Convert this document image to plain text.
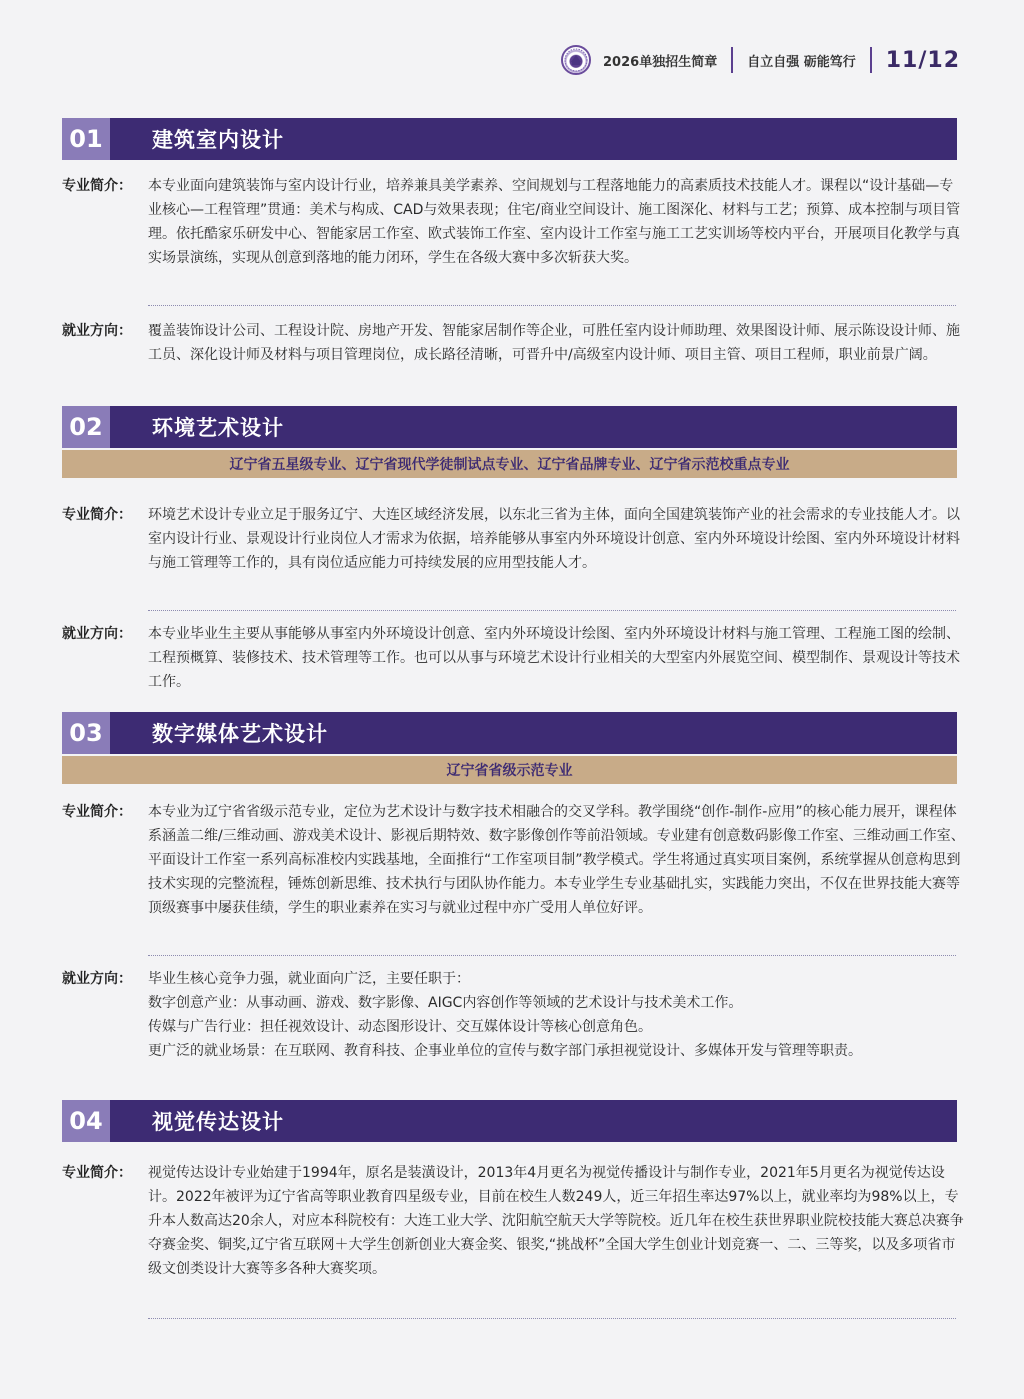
2026单独招生简章 自立自强 砺能笃行 11/12
01	建筑室内设计
专业简介：	本专业面向建筑装饰与室内设计行业，培养兼具美学素养、空间规划与工程落地能力的高素质技术技能人才。课程以“设计基础—专业核心—工程管理”贯通：美术与构成、CAD与效果表现；住宅/商业空间设计、施工图深化、材料与工艺；预算、成本控制与项目管理。依托酷家乐研发中心、智能家居工作室、欧式装饰工作室、室内设计工作室与施工工艺实训场等校内平台，开展项目化教学与真实场景演练，实现从创意到落地的能力闭环，学生在各级大赛中多次斩获大奖。
就业方向：	覆盖装饰设计公司、工程设计院、房地产开发、智能家居制作等企业，可胜任室内设计师助理、效果图设计师、展示陈设设计师、施工员、深化设计师及材料与项目管理岗位，成长路径清晰，可晋升中/高级室内设计师、项目主管、项目工程师，职业前景广阔。
02	环境艺术设计
辽宁省五星级专业、辽宁省现代学徒制试点专业、辽宁省品牌专业、辽宁省示范校重点专业
专业简介：	环境艺术设计专业立足于服务辽宁、大连区域经济发展，以东北三省为主体，面向全国建筑装饰产业的社会需求的专业技能人才。以室内设计行业、景观设计行业岗位人才需求为依据，培养能够从事室内外环境设计创意、室内外环境设计绘图、室内外环境设计材料与施工管理等工作的，具有岗位适应能力可持续发展的应用型技能人才。
就业方向：	本专业毕业生主要从事能够从事室内外环境设计创意、室内外环境设计绘图、室内外环境设计材料与施工管理、工程施工图的绘制、工程预概算、装修技术、技术管理等工作。也可以从事与环境艺术设计行业相关的大型室内外展览空间、模型制作、景观设计等技术工作。
03	数字媒体艺术设计
辽宁省省级示范专业
专业简介：	本专业为辽宁省省级示范专业，定位为艺术设计与数字技术相融合的交叉学科。教学围绕“创作-制作-应用”的核心能力展开，课程体系涵盖二维/三维动画、游戏美术设计、影视后期特效、数字影像创作等前沿领域。专业建有创意数码影像工作室、三维动画工作室、平面设计工作室一系列高标准校内实践基地，全面推行“工作室项目制”教学模式。学生将通过真实项目案例，系统掌握从创意构思到技术实现的完整流程，锤炼创新思维、技术执行与团队协作能力。本专业学生专业基础扎实，实践能力突出，不仅在世界技能大赛等顶级赛事中屡获佳绩，学生的职业素养在实习与就业过程中亦广受用人单位好评。
就业方向：	毕业生核心竞争力强，就业面向广泛，主要任职于：
数字创意产业：从事动画、游戏、数字影像、AIGC内容创作等领域的艺术设计与技术美术工作。
传媒与广告行业：担任视效设计、动态图形设计、交互媒体设计等核心创意角色。
更广泛的就业场景：在互联网、教育科技、企事业单位的宣传与数字部门承担视觉设计、多媒体开发与管理等职责。
04	视觉传达设计
专业简介：	视觉传达设计专业始建于1994年，原名是装潢设计，2013年4月更名为视觉传播设计与制作专业，2021年5月更名为视觉传达设计。2022年被评为辽宁省高等职业教育四星级专业，目前在校生人数249人，近三年招生率达97%以上，就业率均为98%以上，专升本人数高达20余人，对应本科院校有：大连工业大学、沈阳航空航天大学等院校。近几年在校生获世界职业院校技能大赛总决赛争夺赛金奖、铜奖,辽宁省互联网＋大学生创新创业大赛金奖、银奖,“挑战杯”全国大学生创业计划竞赛一、二、三等奖，以及多项省市级文创类设计大赛等多各种大赛奖项。
